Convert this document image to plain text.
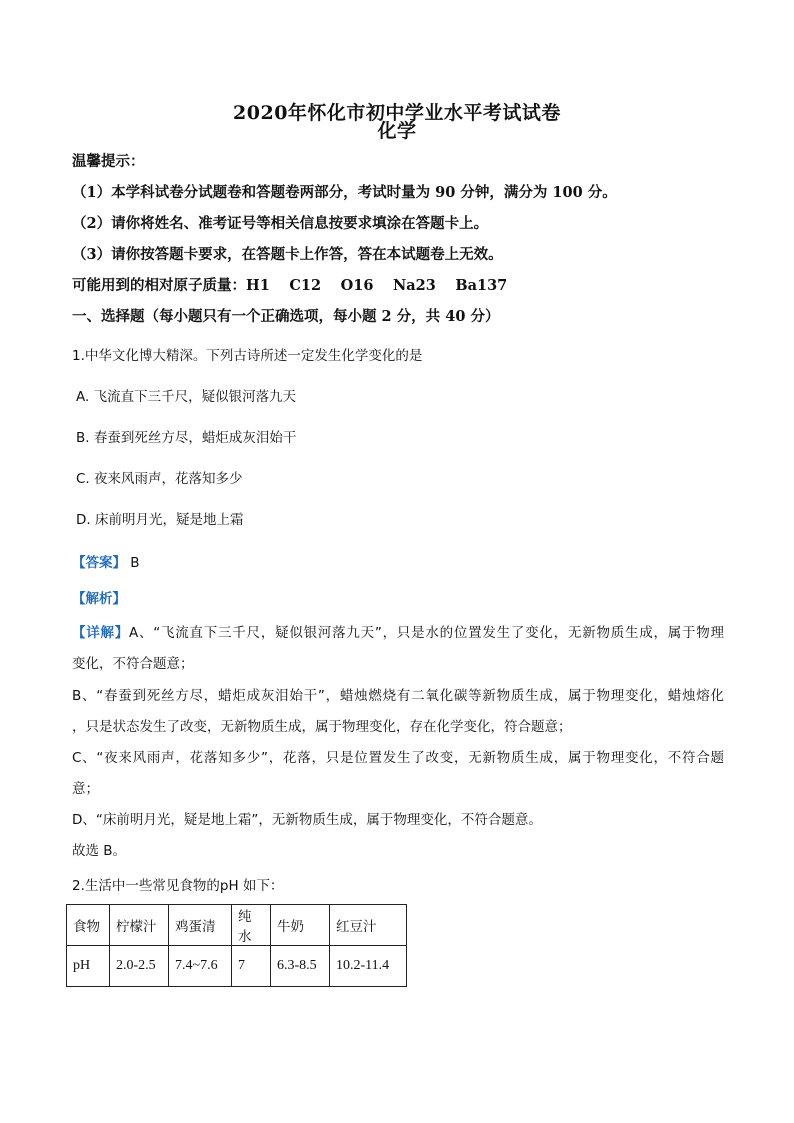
2020年怀化市初中学业水平考试试卷
化学
温馨提示：
（1）本学科试卷分试题卷和答题卷两部分，考试时量为 90 分钟，满分为 100 分。
（2）请你将姓名、准考证号等相关信息按要求填涂在答题卡上。
（3）请你按答题卡要求，在答题卡上作答，答在本试题卷上无效。
可能用到的相对原子质量：H1　 C12　 O16　 Na23　 Ba137
一、选择题（每小题只有一个正确选项，每小题 2 分，共 40 分）
1.中华文化博大精深。下列古诗所述一定发生化学变化的是
A. 飞流直下三千尺，疑似银河落九天
B. 春蚕到死丝方尽，蜡炬成灰泪始干
C. 夜来风雨声，花落知多少
D. 床前明月光，疑是地上霜
【答案】 B
【解析】
【详解】A、“飞流直下三千尺，疑似银河落九天”，只是水的位置发生了变化，无新物质生成，属于物理
变化，不符合题意；
B、“春蚕到死丝方尽，蜡炬成灰泪始干”，蜡烛燃烧有二氧化碳等新物质生成，属于物理变化，蜡烛熔化
，只是状态发生了改变，无新物质生成，属于物理变化，存在化学变化，符合题意；
C、“夜来风雨声，花落知多少”，花落，只是位置发生了改变，无新物质生成，属于物理变化，不符合题
意；
D、“床前明月光，疑是地上霜”，无新物质生成，属于物理变化，不符合题意。
故选 B。
2.生活中一些常见食物的pH 如下：
食物	柠檬汁	鸡蛋清	纯水	牛奶	红豆汁
pH	2.0-2.5	7.4~7.6	7	6.3-8.5	10.2-11.4
